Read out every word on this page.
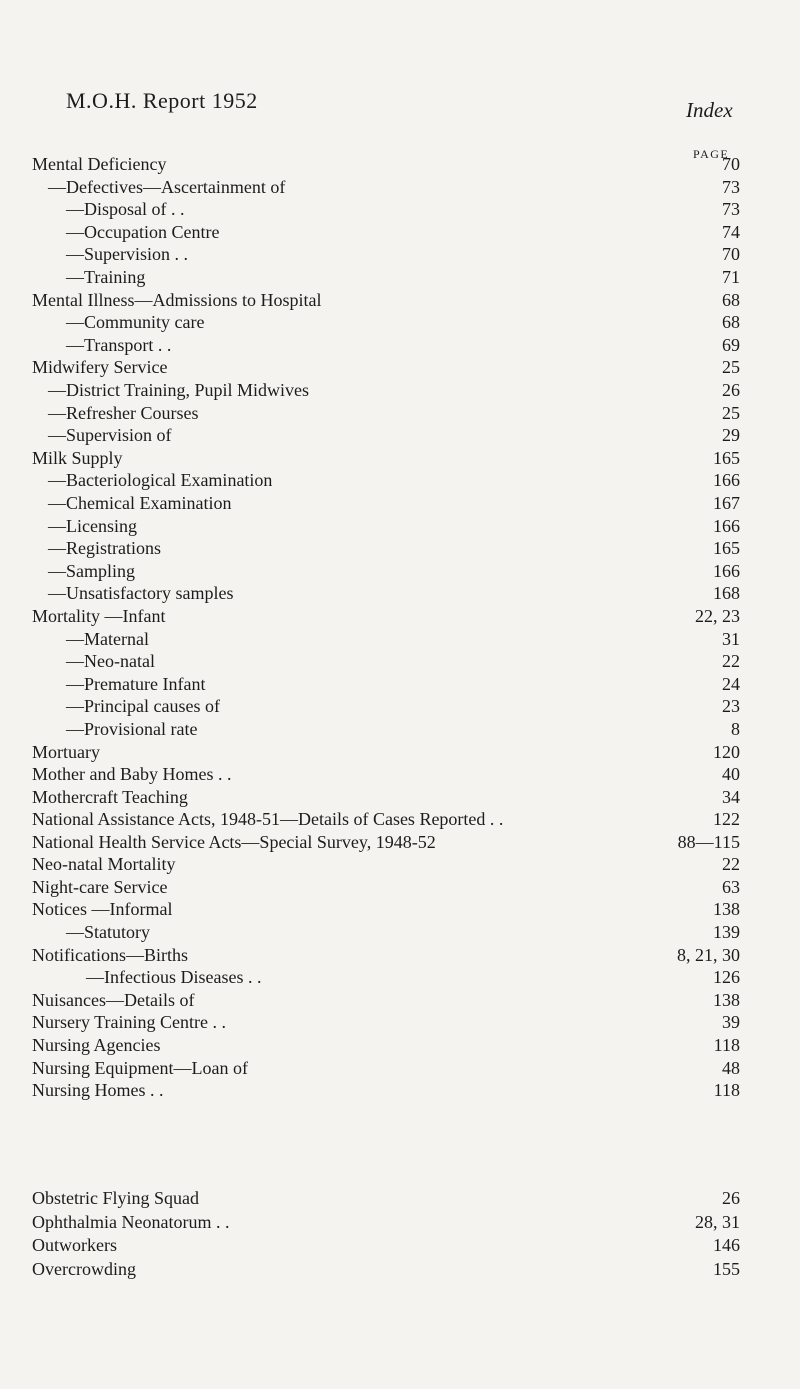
M.O.H. Report 1952	Index
PAGE
Mental Deficiency	70
—Defectives—Ascertainment of	73
—Disposal of . .	73
—Occupation Centre	74
—Supervision . .	70
—Training	71
Mental Illness—Admissions to Hospital	68
—Community care	68
—Transport . .	69
Midwifery Service	25
—District Training, Pupil Midwives	26
—Refresher Courses	25
—Supervision of	29
Milk Supply	165
—Bacteriological Examination	166
—Chemical Examination	167
—Licensing	166
—Registrations	165
—Sampling	166
—Unsatisfactory samples	168
Mortality —Infant	22, 23
—Maternal	31
—Neo-natal	22
—Premature Infant	24
—Principal causes of	23
—Provisional rate	8
Mortuary	120
Mother and Baby Homes . .	40
Mothercraft Teaching	34
National Assistance Acts, 1948-51—Details of Cases Reported . .	122
National Health Service Acts—Special Survey, 1948-52	88—115
Neo-natal Mortality	22
Night-care Service	63
Notices —Informal	138
—Statutory	139
Notifications—Births	8, 21, 30
—Infectious Diseases . .	126
Nuisances—Details of	138
Nursery Training Centre . .	39
Nursing Agencies	118
Nursing Equipment—Loan of	48
Nursing Homes . .	118
Obstetric Flying Squad	26
Ophthalmia Neonatorum . .	28, 31
Outworkers	146
Overcrowding	155
